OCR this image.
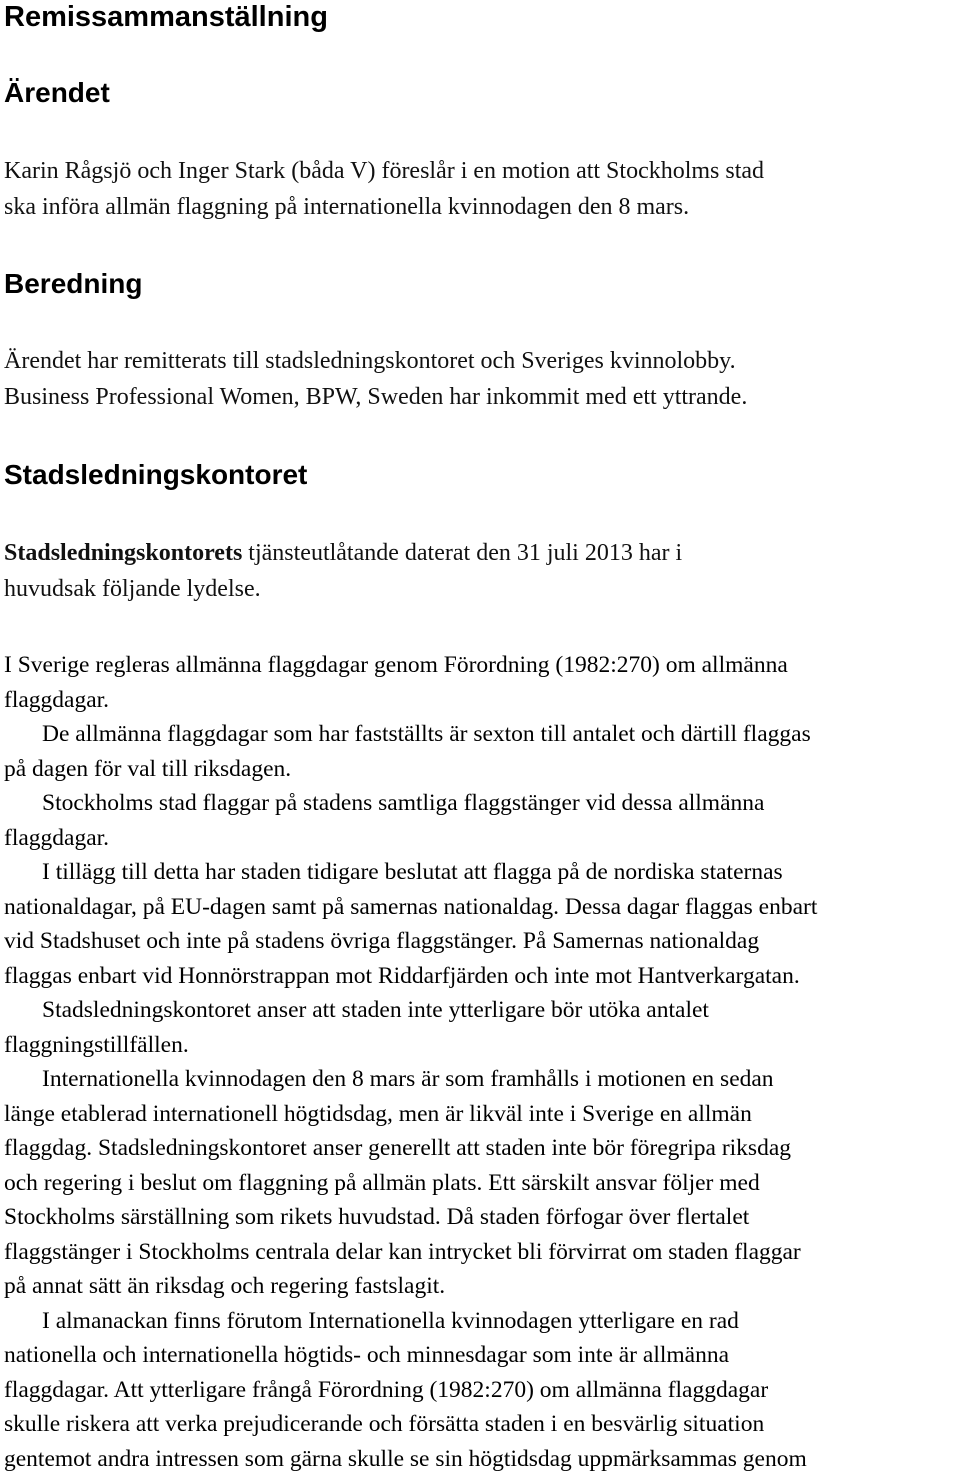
Remissammanställning
Ärendet
Karin Rågsjö och Inger Stark (båda V) föreslår i en motion att Stockholms stad
ska införa allmän flaggning på internationella kvinnodagen den 8 mars.
Beredning
Ärendet har remitterats till stadsledningskontoret och Sveriges kvinnolobby.
Business Professional Women, BPW, Sweden har inkommit med ett yttrande.
Stadsledningskontoret
Stadsledningskontorets tjänsteutlåtande daterat den 31 juli 2013 har i
huvudsak följande lydelse.
I Sverige regleras allmänna flaggdagar genom Förordning (1982:270) om allmänna
flaggdagar.
De allmänna flaggdagar som har fastställts är sexton till antalet och därtill flaggas
på dagen för val till riksdagen.
Stockholms stad flaggar på stadens samtliga flaggstänger vid dessa allmänna
flaggdagar.
I tillägg till detta har staden tidigare beslutat att flagga på de nordiska staternas
nationaldagar, på EU-dagen samt på samernas nationaldag. Dessa dagar flaggas enbart
vid Stadshuset och inte på stadens övriga flaggstänger. På Samernas nationaldag
flaggas enbart vid Honnörstrappan mot Riddarfjärden och inte mot Hantverkargatan.
Stadsledningskontoret anser att staden inte ytterligare bör utöka antalet
flaggningstillfällen.
Internationella kvinnodagen den 8 mars är som framhålls i motionen en sedan
länge etablerad internationell högtidsdag, men är likväl inte i Sverige en allmän
flaggdag. Stadsledningskontoret anser generellt att staden inte bör föregripa riksdag
och regering i beslut om flaggning på allmän plats. Ett särskilt ansvar följer med
Stockholms särställning som rikets huvudstad. Då staden förfogar över flertalet
flaggstänger i Stockholms centrala delar kan intrycket bli förvirrat om staden flaggar
på annat sätt än riksdag och regering fastslagit.
I almanackan finns förutom Internationella kvinnodagen ytterligare en rad
nationella och internationella högtids- och minnesdagar som inte är allmänna
flaggdagar. Att ytterligare frångå Förordning (1982:270) om allmänna flaggdagar
skulle riskera att verka prejudicerande och försätta staden i en besvärlig situation
gentemot andra intressen som gärna skulle se sin högtidsdag uppmärksammas genom
